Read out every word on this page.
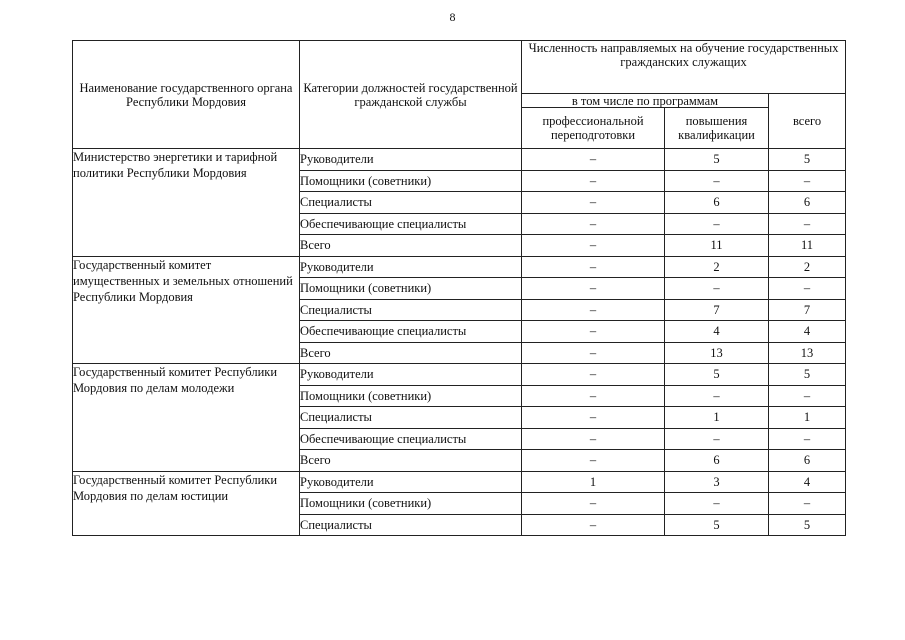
8
Наименование государственного органа Республики Мордовия	Категории должностей государственной гражданской службы	Численность направляемых на обучение государственных гражданских служащих		
		в том числе по программам		всего
		профессиональной переподготовки	повышения квалификации	
Министерство энергетики и тарифной политики Республики Мордовия	Руководители	–	5	5
	Помощники (советники)	–	–	–
	Специалисты	–	6	6
	Обеспечивающие специалисты	–	–	–
	Всего	–	11	11
Государственный комитет имущественных и земельных отношений Республики Мордовия	Руководители	–	2	2
	Помощники (советники)	–	–	–
	Специалисты	–	7	7
	Обеспечивающие специалисты	–	4	4
	Всего	–	13	13
Государственный комитет Республики Мордовия по делам молодежи	Руководители	–	5	5
	Помощники (советники)	–	–	–
	Специалисты	–	1	1
	Обеспечивающие специалисты	–	–	–
	Всего	–	6	6
Государственный комитет Республики Мордовия по делам юстиции	Руководители	1	3	4
	Помощники (советники)	–	–	–
	Специалисты	–	5	5
